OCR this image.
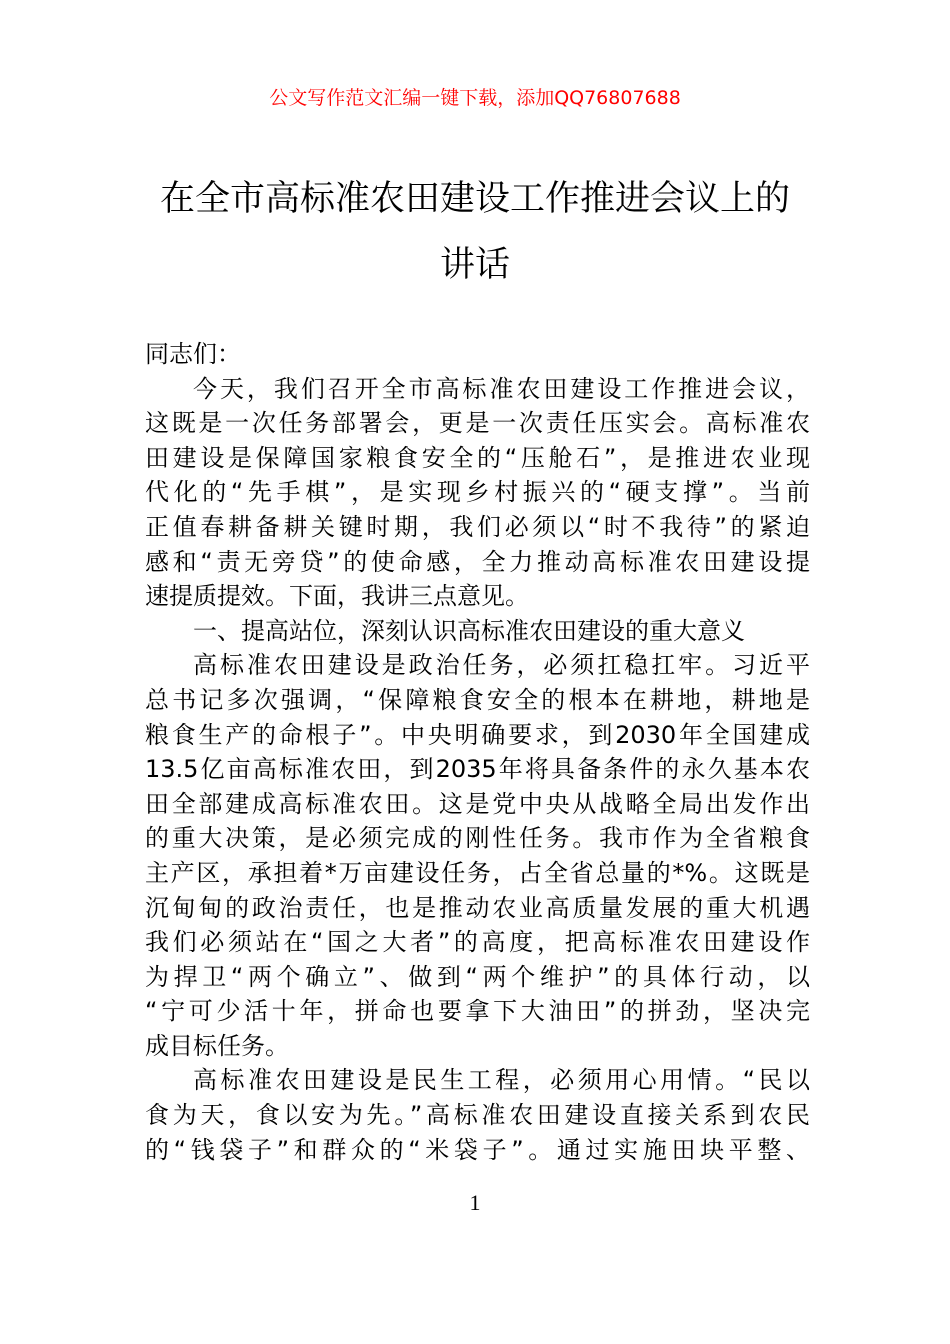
公文写作范文汇编一键下载，添加QQ76807688
在全市高标准农田建设工作推进会议上的
讲话
同志们：
今天，我们召开全市高标准农田建设工作推进会议，
这既是一次任务部署会，更是一次责任压实会。高标准农
田建设是保障国家粮食安全的“压舱石”，是推进农业现
代化的“先手棋”，是实现乡村振兴的“硬支撑”。当前
正值春耕备耕关键时期，我们必须以“时不我待”的紧迫
感和“责无旁贷”的使命感，全力推动高标准农田建设提
速提质提效。下面，我讲三点意见。
一、提高站位，深刻认识高标准农田建设的重大意义
高标准农田建设是政治任务，必须扛稳扛牢。习近平
总书记多次强调，“保障粮食安全的根本在耕地，耕地是
粮食生产的命根子”。中央明确要求，到2030年全国建成
13.5亿亩高标准农田，到2035年将具备条件的永久基本农
田全部建成高标准农田。这是党中央从战略全局出发作出
的重大决策，是必须完成的刚性任务。我市作为全省粮食
主产区，承担着*万亩建设任务，占全省总量的*%。这既是
沉甸甸的政治责任，也是推动农业高质量发展的重大机遇
我们必须站在“国之大者”的高度，把高标准农田建设作
为捍卫“两个确立”、做到“两个维护”的具体行动，以
“宁可少活十年，拼命也要拿下大油田”的拼劲，坚决完
成目标任务。
高标准农田建设是民生工程，必须用心用情。“民以
食为天，食以安为先。”高标准农田建设直接关系到农民
的“钱袋子”和群众的“米袋子”。通过实施田块平整、
1
